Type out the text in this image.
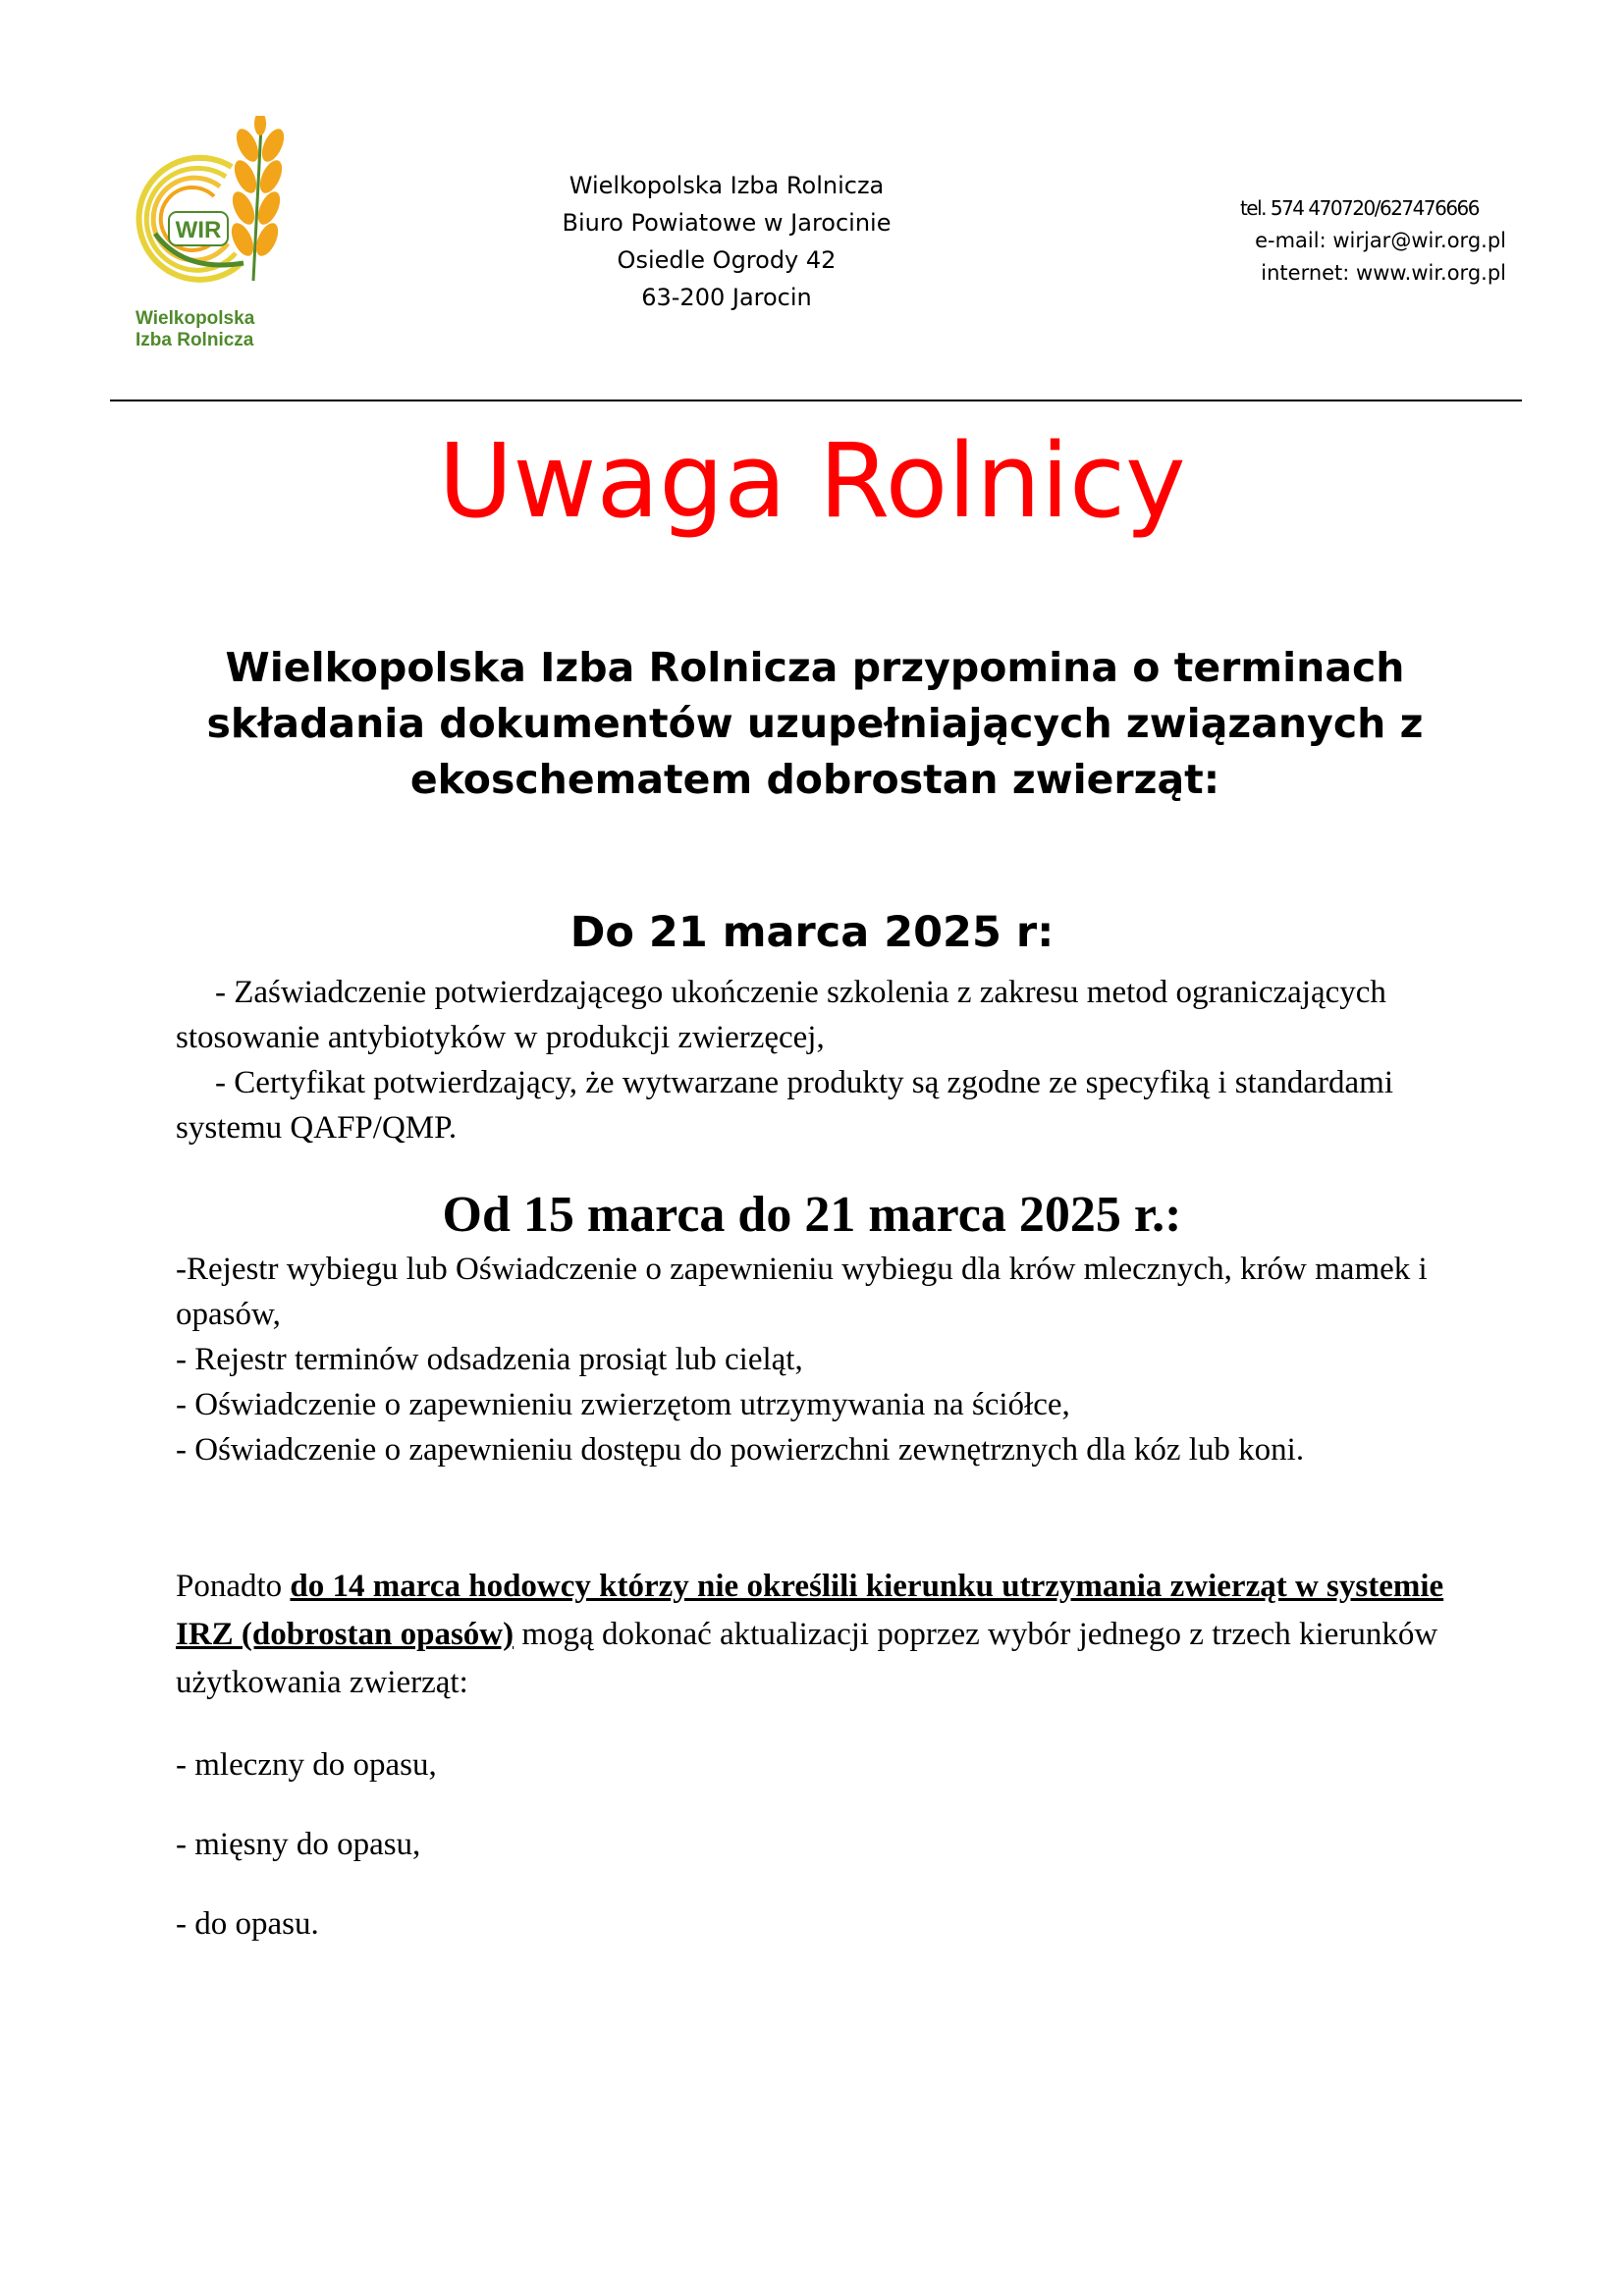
WIR
Wielkopolska
Izba Rolnicza
Wielkopolska Izba Rolnicza
Biuro Powiatowe w Jarocinie
Osiedle Ogrody 42
63-200 Jarocin
tel. 574 470720/627476666
e-mail: wirjar@wir.org.pl
internet: www.wir.org.pl
Uwaga Rolnicy
Wielkopolska Izba Rolnicza przypomina o terminach
składania dokumentów uzupełniających związanych z
ekoschematem dobrostan zwierząt:
Do 21 marca 2025 r:
- Zaświadczenie potwierdzającego ukończenie szkolenia z zakresu metod ograniczających stosowanie antybiotyków w produkcji zwierzęcej,
- Certyfikat potwierdzający, że wytwarzane produkty są zgodne ze specyfiką i standardami systemu QAFP/QMP.
Od 15 marca do 21 marca 2025 r.:
-Rejestr wybiegu lub Oświadczenie o zapewnieniu wybiegu dla krów mlecznych, krów mamek i opasów,
- Rejestr terminów odsadzenia prosiąt lub cieląt,
- Oświadczenie o zapewnieniu zwierzętom utrzymywania na ściółce,
- Oświadczenie o zapewnieniu dostępu do powierzchni zewnętrznych dla kóz lub koni.
Ponadto do 14 marca hodowcy którzy nie określili kierunku utrzymania zwierząt w systemie IRZ (dobrostan opasów) mogą dokonać aktualizacji poprzez wybór jednego z trzech kierunków użytkowania zwierząt:
- mleczny do opasu,
- mięsny do opasu,
- do opasu.
